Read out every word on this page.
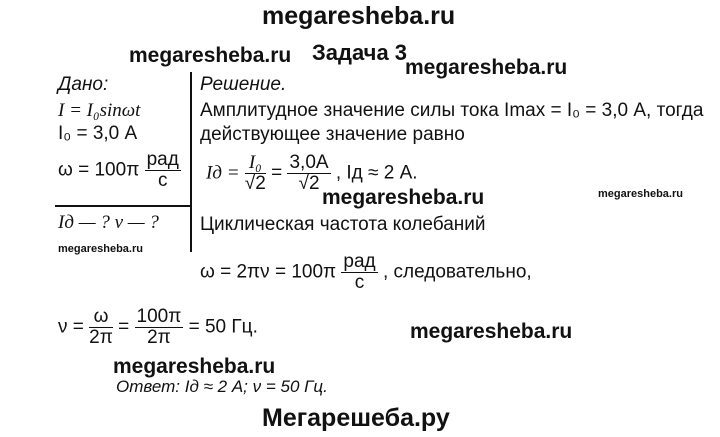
megaresheba.ru
megaresheba.ru Задача 3
megaresheba.ru
Дано:
I = I₀sinωt
I₀ = 3,0 А
$\omega = 100\pi \frac{\text{рад}}{с}$
Iд — ? ν — ?
Решение.
Амплитудное значение силы тока Imax = I₀ = 3,0 А, тогда
действующее значение равно
Iд = $\frac{\text{I₀}}{√2} = \frac{3,0А}{√2}$ , Iд ≈ 2 А.
megaresheba.ru	megaresheba.ru
Циклическая частота колебаний
megaresheba.ru
$\omega = 2\pi\nu = 100\pi \frac{\text{рад}}{с}$ , следовательно,
$\nu = \frac{\omega}{2\pi} = \frac{100\pi}{2\pi} = 50$ Гц.	megaresheba.ru
megaresheba.ru
Ответ: Iд ≈ 2 А; ν = 50 Гц.
Мегарешеба.ру
